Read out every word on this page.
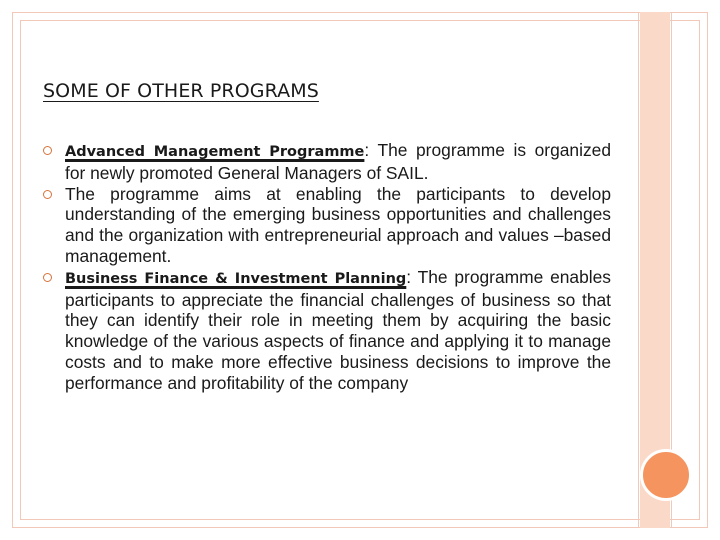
SOME OF OTHER PROGRAMS
Advanced Management Programme: The programme is organized for newly promoted General Managers of SAIL.
The programme aims at enabling the participants to develop understanding of the emerging business opportunities and challenges and the organization with entrepreneurial approach and values –based management.
Business Finance & Investment Planning: The programme enables participants to appreciate the financial challenges of business so that they can identify their role in meeting them by acquiring the basic knowledge of the various aspects of finance and applying it to manage costs and to make more effective business decisions to improve the performance and profitability of the company
